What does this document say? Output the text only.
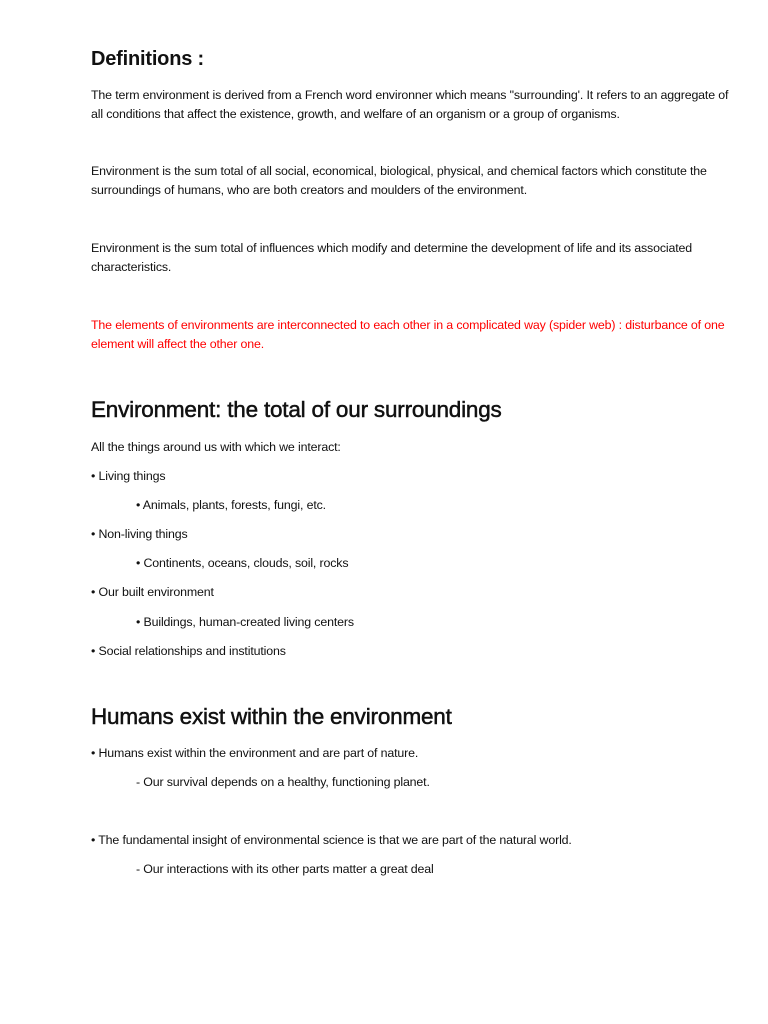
Definitions :

The term environment is derived from a French word environner which means "surrounding'. It refers to an aggregate of all conditions that affect the existence, growth, and welfare of an organism or a group of organisms.

Environment is the sum total of all social, economical, biological, physical, and chemical factors which constitute the surroundings of humans, who are both creators and moulders of the environment.

Environment is the sum total of influences which modify and determine the development of life and its associated characteristics.

The elements of environments are interconnected to each other in a complicated way (spider web) : disturbance of one element will affect the other one.

Environment: the total of our surroundings
All the things around us with which we interact:
• Living things
• Animals, plants, forests, fungi, etc.
• Non-living things
• Continents, oceans, clouds, soil, rocks
• Our built environment
• Buildings, human-created living centers
• Social relationships and institutions
Humans exist within the environment
• Humans exist within the environment and are part of nature.
- Our survival depends on a healthy, functioning planet.
• The fundamental insight of environmental science is that we are part of the natural world.
- Our interactions with its other parts matter a great deal
